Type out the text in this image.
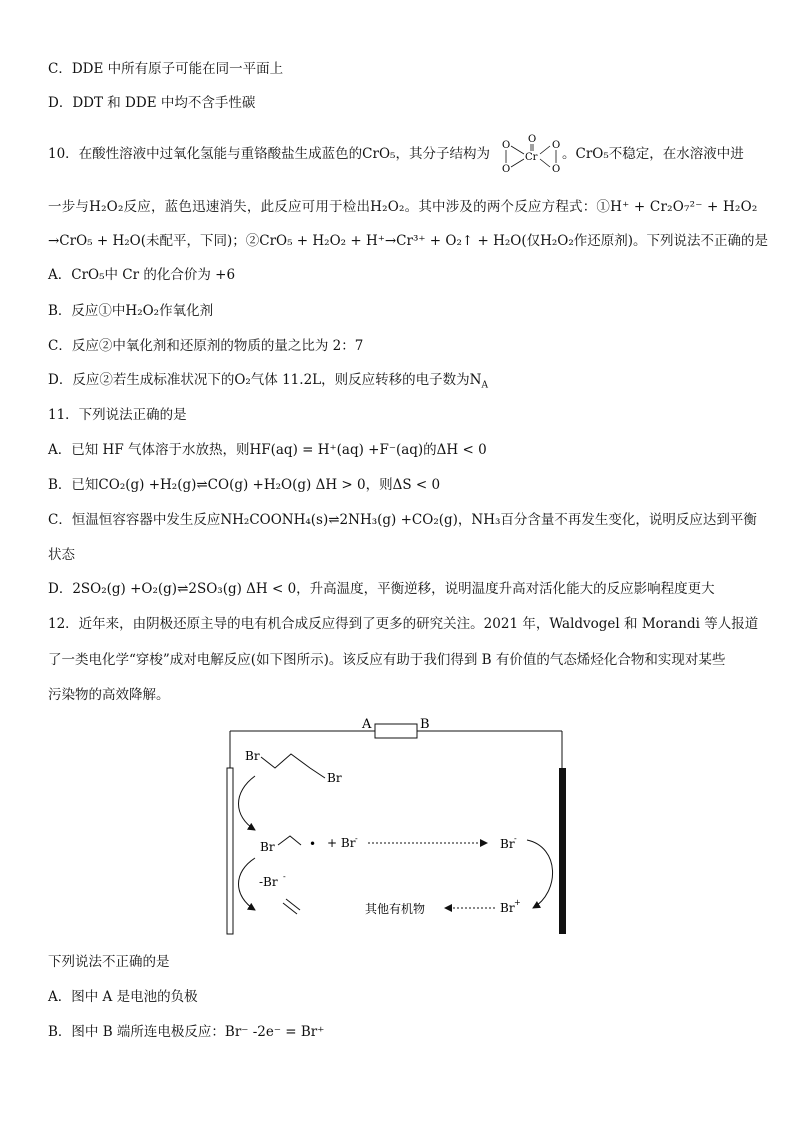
C．DDE 中所有原子可能在同一平面上
D．DDT 和 DDE 中均不含手性碳
10．在酸性溶液中过氧化氢能与重铬酸盐生成蓝色的CrO₅，其分子结构为
O
Cr
O
O
O
O
。CrO₅不稳定，在水溶液中进
一步与H₂O₂反应，蓝色迅速消失，此反应可用于检出H₂O₂。其中涉及的两个反应方程式：①H⁺ + Cr₂O₇²⁻ + H₂O₂
→CrO₅ + H₂O(未配平，下同)；②CrO₅ + H₂O₂ + H⁺→Cr³⁺ + O₂↑ + H₂O(仅H₂O₂作还原剂)。下列说法不正确的是
A．CrO₅中 Cr 的化合价为 +6
B．反应①中H₂O₂作氧化剂
C．反应②中氧化剂和还原剂的物质的量之比为 2：7
D．反应②若生成标准状况下的O₂气体 11.2L，则反应转移的电子数为$N_A$
11．下列说法正确的是
A．已知 HF 气体溶于水放热，则HF(aq) = H⁺(aq) +F⁻(aq)的ΔH < 0
B．已知CO₂(g) +H₂(g)⇌CO(g) +H₂O(g) ΔH > 0，则ΔS < 0
C．恒温恒容容器中发生反应NH₂COONH₄(s)⇌2NH₃(g) +CO₂(g)，NH₃百分含量不再发生变化，说明反应达到平衡
状态
D．2SO₂(g) +O₂(g)⇌2SO₃(g) ΔH < 0，升高温度，平衡逆移，说明温度升高对活化能大的反应影响程度更大
12．近年来，由阴极还原主导的电有机合成反应得到了更多的研究关注。2021 年，Waldvogel 和 Morandi 等人报道
了一类电化学“穿梭”成对电解反应(如下图所示)。该反应有助于我们得到 B 有价值的气态烯烃化合物和实现对某些
污染物的高效降解。
A	B
Br
Br
Br	• + Br -	Br -
-Br -
Br +
其他有机物
下列说法不正确的是
A．图中 A 是电池的负极
B．图中 B 端所连电极反应：Br⁻ -2e⁻ = Br⁺
